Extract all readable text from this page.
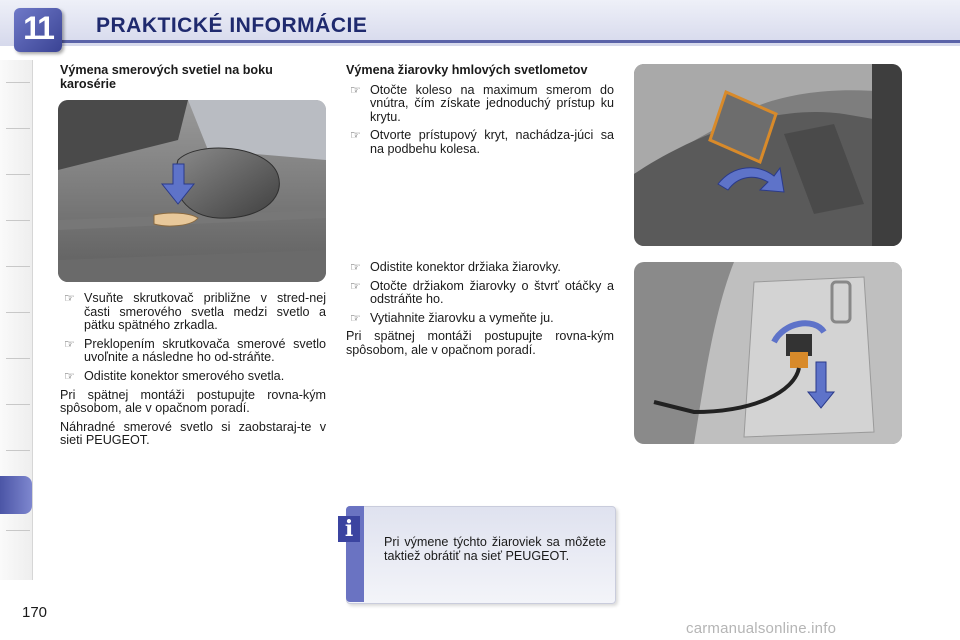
11	PRAKTICKÉ INFORMÁCIE
Výmena smerových svetiel na boku karosérie
☞ Vsuňte skrutkovač približne v stred-nej časti smerového svetla medzi svetlo a pätku spätného zrkadla.
☞ Preklopením skrutkovača smerové svetlo uvoľnite a následne ho od-stráňte.
☞ Odistite konektor smerového svetla.

Pri spätnej montáži postupujte rovna-kým spôsobom, ale v opačnom poradí.

Náhradné smerové svetlo si zaobstaraj-te v sieti PEUGEOT.

Výmena žiarovky hmlových svetlometov
☞ Otočte koleso na maximum smerom do vnútra, čím získate jednoduchý prístup ku krytu.
☞ Otvorte prístupový kryt, nachádza-júci sa na podbehu kolesa.
☞ Odistite konektor držiaka žiarovky.
☞ Otočte držiakom žiarovky o štvrť otáčky a odstráňte ho.
☞ Vytiahnite žiarovku a vymeňte ju.

Pri spätnej montáži postupujte rovna-kým spôsobom, ale v opačnom poradí.

i	Pri výmene týchto žiaroviek sa môžete taktiež obrátiť na sieť PEUGEOT.
170
carmanualsonline.info
